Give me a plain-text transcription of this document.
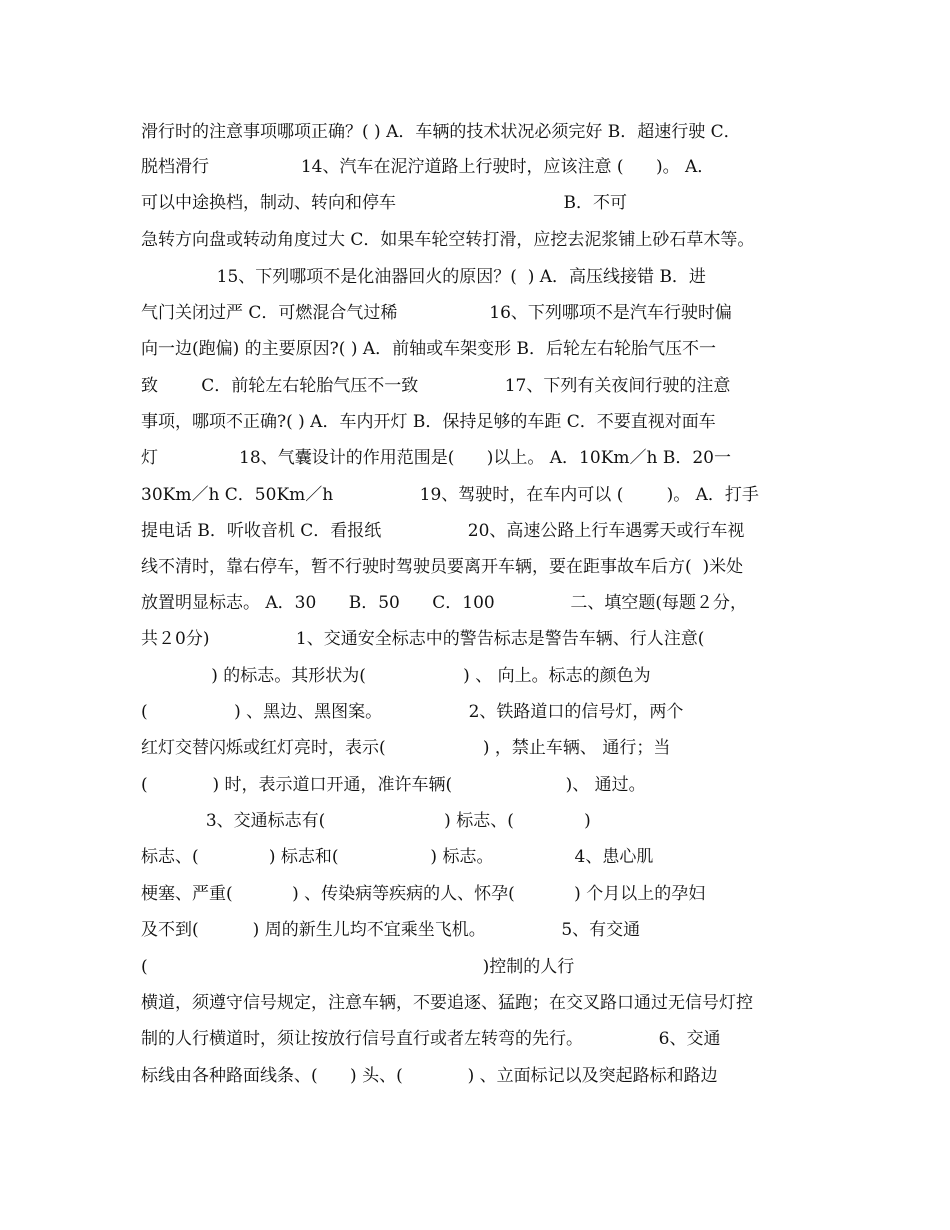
滑行时的注意事项哪项正确？( ) A．车辆的技术状况必须完好 B．超速行驶 C．
脱档滑行                 14、汽车在泥泞道路上行驶时，应该注意 (      )。 A．
可以中途换档，制动、转向和停车                               B．不可
急转方向盘或转动角度过大 C．如果车轮空转打滑，应挖去泥浆铺上砂石草木等。
15、下列哪项不是化油器回火的原因？(  ) A．高压线接错 B．进
气门关闭过严 C．可燃混合气过稀                 16、下列哪项不是汽车行驶时偏
向一边(跑偏) 的主要原因?( ) A．前轴或车架变形 B．后轮左右轮胎气压不一
致        C．前轮左右轮胎气压不一致                17、下列有关夜间行驶的注意
事项，哪项不正确?( ) A．车内开灯 B．保持足够的车距 C．不要直视对面车
灯               18、气囊设计的作用范围是(      )以上。 A．10Km／h B．20一
30Km／h C．50Km／h                19、驾驶时，在车内可以 (        )。 A．打手
提电话 B．听收音机 C．看报纸                20、高速公路上行车遇雾天或行车视
线不清时，靠右停车，暂不行驶时驾驶员要离开车辆，要在距事故车后方(  )米处
放置明显标志。 A．30      B．50      C．100              二、填空题(每题２分，
共２0分)                1、交通安全标志中的警告标志是警告车辆、行人注意(
) 的标志。其形状为(                  ) 、 向上。标志的颜色为
(                ) 、黑边、黑图案。                2、铁路道口的信号灯，两个
红灯交替闪烁或红灯亮时，表示(                  ) ，禁止车辆、 通行；当
(            ) 时，表示道口开通，准许车辆(                     )、 通过。
3、交通标志有(                      ) 标志、(             )
标志、(             ) 标志和(                 ) 标志。               4、患心肌
梗塞、严重(           ) 、传染病等疾病的人、怀孕(           ) 个月以上的孕妇
及不到(          ) 周的新生儿均不宜乘坐飞机。              5、有交通
(                                                              )控制的人行
横道，须遵守信号规定，注意车辆，不要追逐、猛跑；在交叉路口通过无信号灯控
制的人行横道时，须让按放行信号直行或者左转弯的先行。              6、交通
标线由各种路面线条、(      ) 头、(            ) 、立面标记以及突起路标和路边
